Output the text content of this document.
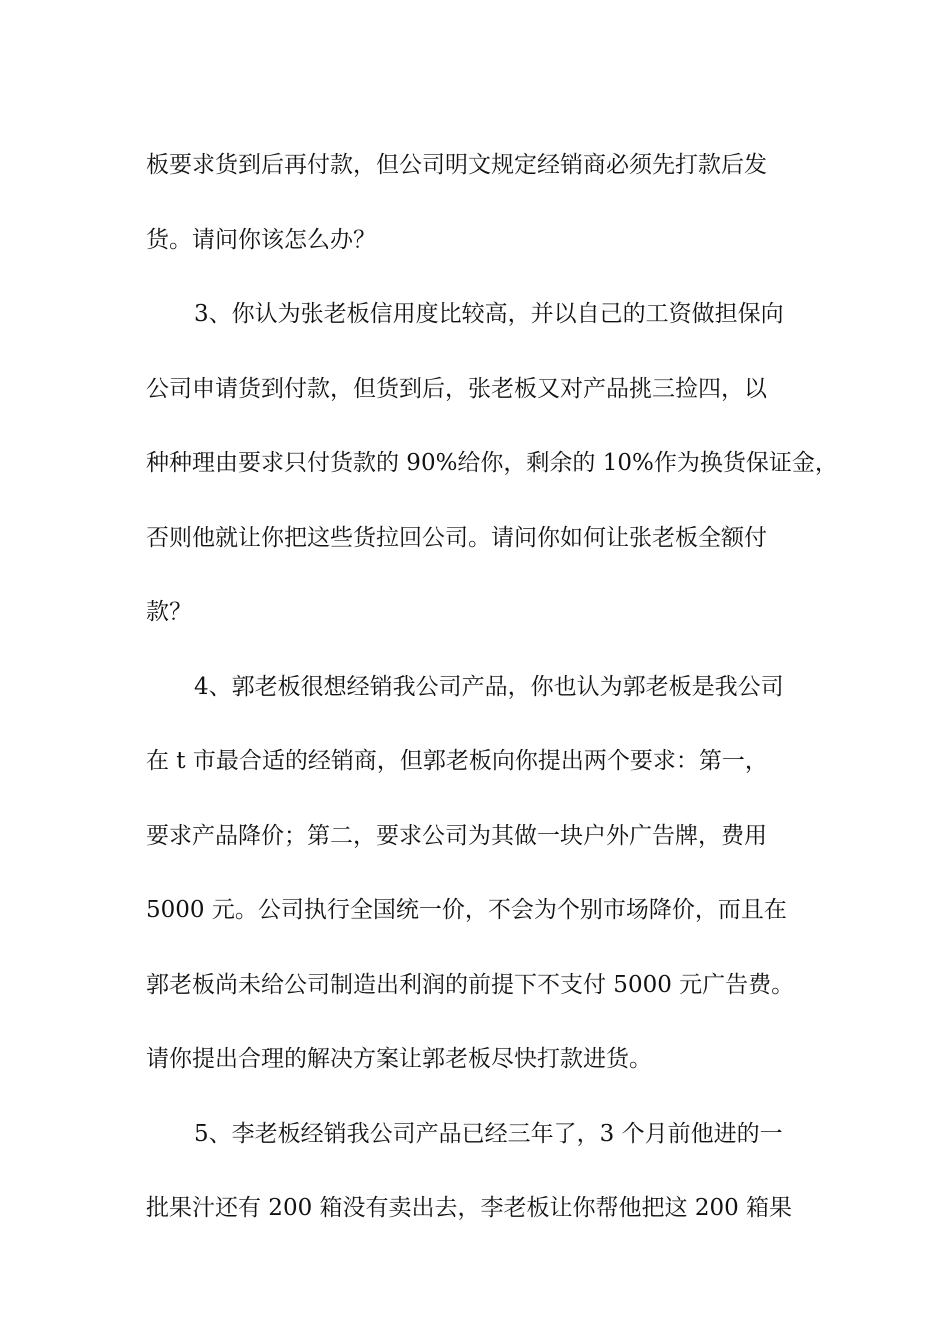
板要求货到后再付款，但公司明文规定经销商必须先打款后发
货。请问你该怎么办？
3、你认为张老板信用度比较高，并以自己的工资做担保向
公司申请货到付款，但货到后，张老板又对产品挑三捡四，以
种种理由要求只付货款的 90%给你，剩余的 10%作为换货保证金，
否则他就让你把这些货拉回公司。请问你如何让张老板全额付
款？
4、郭老板很想经销我公司产品，你也认为郭老板是我公司
在 t 市最合适的经销商，但郭老板向你提出两个要求：第一，
要求产品降价；第二，要求公司为其做一块户外广告牌，费用
5000 元。公司执行全国统一价，不会为个别市场降价，而且在
郭老板尚未给公司制造出利润的前提下不支付 5000 元广告费。
请你提出合理的解决方案让郭老板尽快打款进货。
5、李老板经销我公司产品已经三年了，3 个月前他进的一
批果汁还有 200 箱没有卖出去，李老板让你帮他把这 200 箱果
